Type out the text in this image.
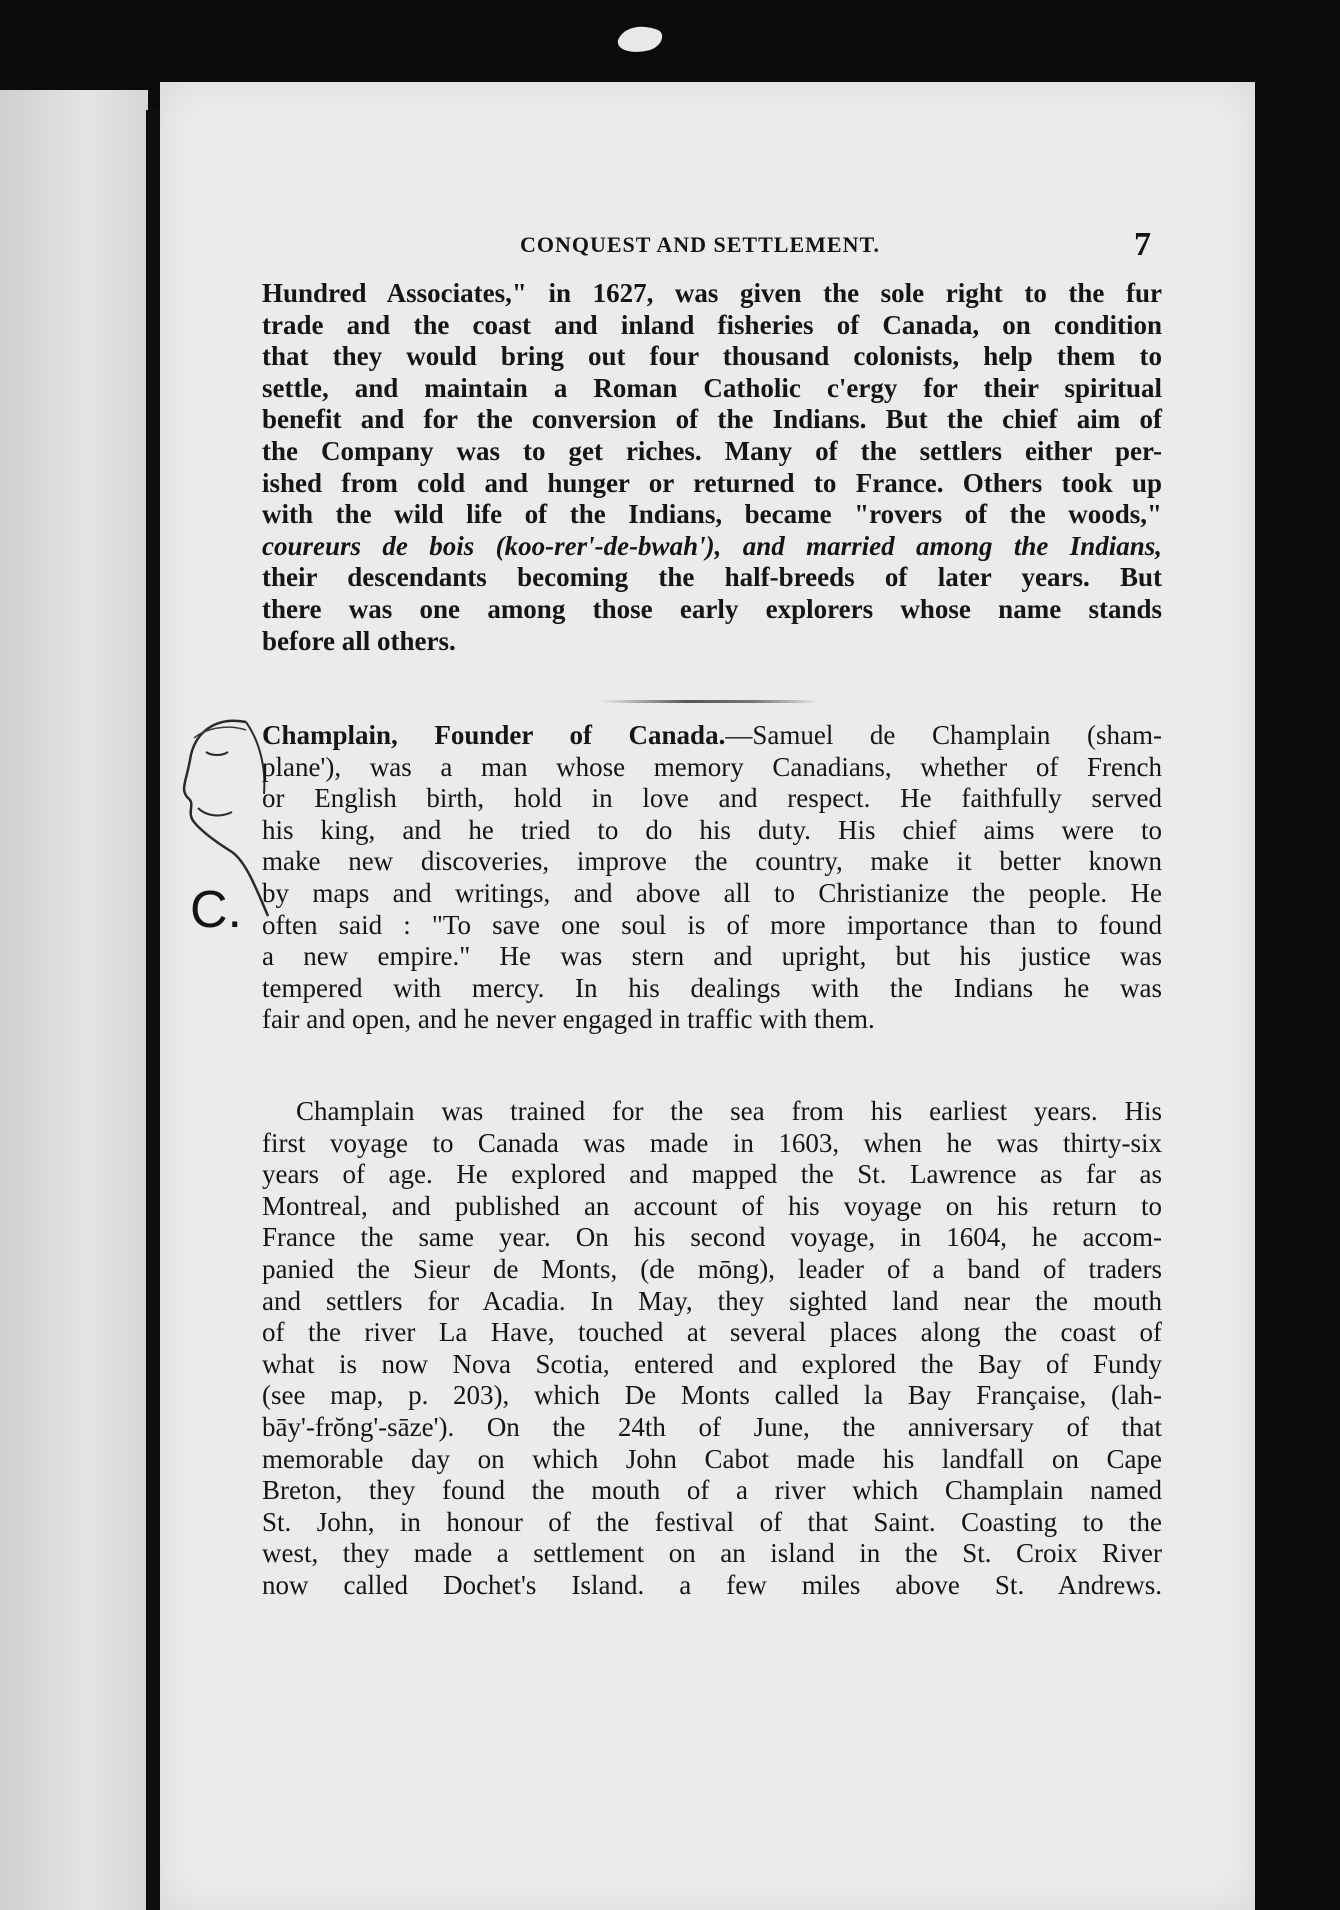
CONQUEST AND SETTLEMENT.	7
Hundred Associates," in 1627, was given the sole right to the fur
trade and the coast and inland fisheries of Canada, on condition
that they would bring out four thousand colonists, help them to
settle, and maintain a Roman Catholic c'ergy for their spiritual
benefit and for the conversion of the Indians. But the chief aim of
the Company was to get riches. Many of the settlers either per-
ished from cold and hunger or returned to France. Others took up
with the wild life of the Indians, became "rovers of the woods,"
coureurs de bois (koo-rer'-de-bwah'), and married among the Indians,
their descendants becoming the half-breeds of later years. But
there was one among those early explorers whose name stands
before all others.
C.
Champlain, Founder of Canada.—Samuel de Champlain (sham-
plane'), was a man whose memory Canadians, whether of French
or English birth, hold in love and respect. He faithfully served
his king, and he tried to do his duty. His chief aims were to
make new discoveries, improve the country, make it better known
by maps and writings, and above all to Christianize the people. He
often said : "To save one soul is of more importance than to found
a new empire." He was stern and upright, but his justice was
tempered with mercy. In his dealings with the Indians he was
fair and open, and he never engaged in traffic with them.
Champlain was trained for the sea from his earliest years. His
first voyage to Canada was made in 1603, when he was thirty-six
years of age. He explored and mapped the St. Lawrence as far as
Montreal, and published an account of his voyage on his return to
France the same year. On his second voyage, in 1604, he accom-
panied the Sieur de Monts, (de mōng), leader of a band of traders
and settlers for Acadia. In May, they sighted land near the mouth
of the river La Have, touched at several places along the coast of
what is now Nova Scotia, entered and explored the Bay of Fundy
(see map, p. 203), which De Monts called la Bay Française, (lah-
bāy'-frŏng'-sāze'). On the 24th of June, the anniversary of that
memorable day on which John Cabot made his landfall on Cape
Breton, they found the mouth of a river which Champlain named
St. John, in honour of the festival of that Saint. Coasting to the
west, they made a settlement on an island in the St. Croix River
now called Dochet's Island. a few miles above St. Andrews.
